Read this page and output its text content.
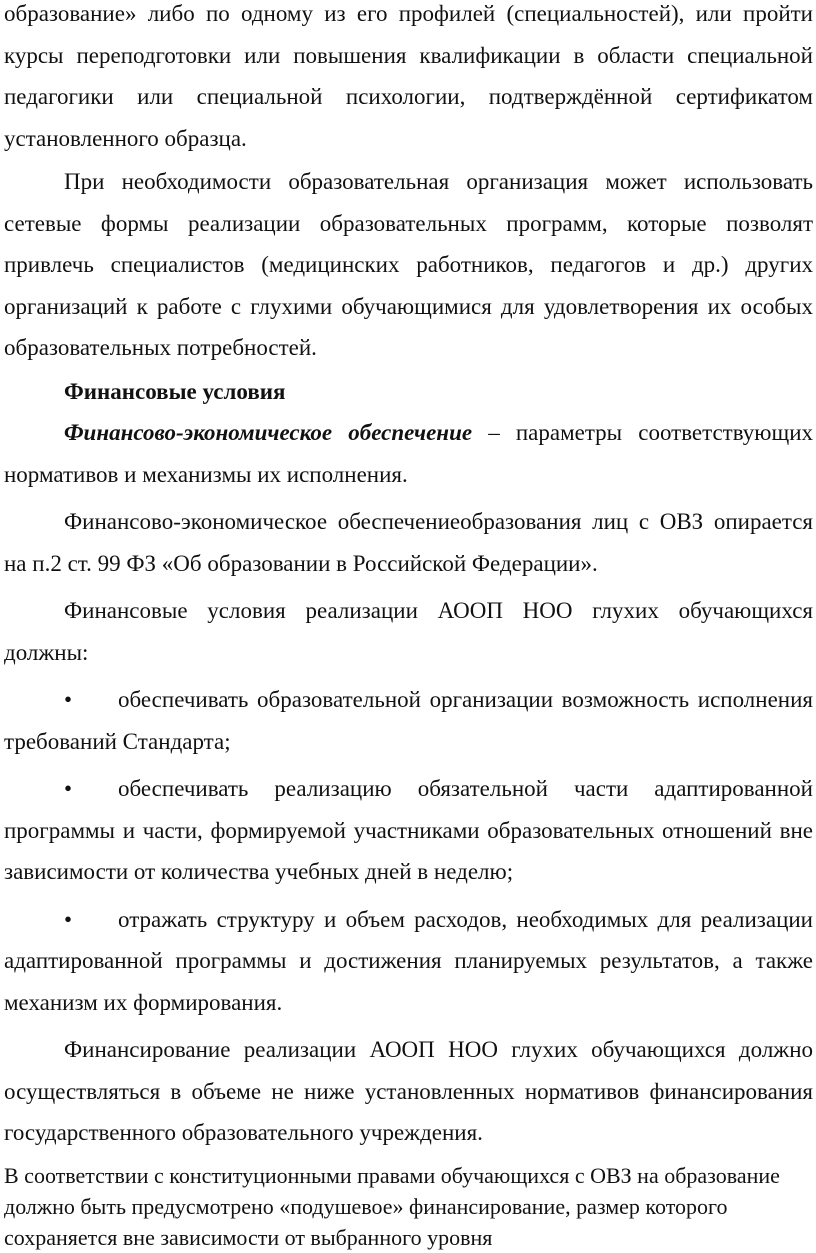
образование» либо по одному из его профилей (специальностей), или пройти курсы переподготовки или повышения квалификации в области специальной педагогики или специальной психологии, подтверждённой сертификатом установленного образца.

При необходимости образовательная организация может использовать сетевые формы реализации образовательных программ, которые позволят привлечь специалистов (медицинских работников, педагогов и др.) других организаций к работе с глухими обучающимися для удовлетворения их особых образовательных потребностей.

Финансовые условия

Финансово-экономическое обеспечение – параметры соответствующих нормативов и механизмы их исполнения.

Финансово-экономическое обеспечениеобразования лиц с ОВЗ опирается на п.2 ст. 99 ФЗ «Об образовании в Российской Федерации».

Финансовые условия реализации АООП НОО глухих обучающихся должны:

• обеспечивать образовательной организации возможность исполнения требований Стандарта;

• обеспечивать реализацию обязательной части адаптированной программы и части, формируемой участниками образовательных отношений вне зависимости от количества учебных дней в неделю;

• отражать структуру и объем расходов, необходимых для реализации адаптированной программы и достижения планируемых результатов, а также механизм их формирования.

Финансирование реализации АООП НОО глухих обучающихся должно осуществляться в объеме не ниже установленных нормативов финансирования государственного образовательного учреждения.

В соответствии с конституционными правами обучающихся с ОВЗ на образование должно быть предусмотрено «подушевое» финансирование, размер которого сохраняется вне зависимости от выбранного уровня
